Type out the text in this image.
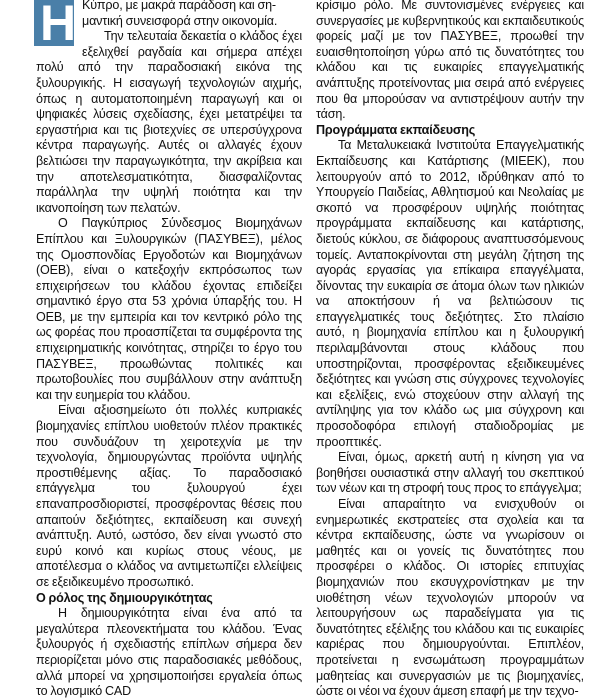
Η Κύπρο, με μακρά παράδοση και ση-
μαντική συνεισφορά στην οικονομία.

Την τελευταία δεκαετία ο κλάδος έχει εξελιχθεί ραγδαία και σήμερα απέχει πολύ από την παραδοσιακή εικόνα της ξυλουργικής. Η εισαγωγή τεχνολογιών αιχμής, όπως η αυτοματοποιημένη παραγωγή και οι ψηφιακές λύσεις σχεδίασης, έχει μετατρέψει τα εργαστήρια και τις βιοτεχνίες σε υπερσύγχρονα κέντρα παραγωγής. Αυτές οι αλλαγές έχουν βελτιώσει την παραγωγικότητα, την ακρίβεια και την αποτελεσματικότητα, διασφαλίζοντας παράλληλα την υψηλή ποιότητα και την ικανοποίηση των πελατών.

Ο Παγκύπριος Σύνδεσμος Βιομηχάνων Επίπλου και Ξυλουργικών (ΠΑΣΥΒΕΞ), μέλος της Ομοσπονδίας Εργοδοτών και Βιομηχάνων (ΟΕΒ), είναι ο κατεξοχήν εκπρόσωπος των επιχειρήσεων του κλάδου έχοντας επιδείξει σημαντικό έργο στα 53 χρόνια ύπαρξής του. Η ΟΕΒ, με την εμπειρία και τον κεντρικό ρόλο της ως φορέας που προασπίζεται τα συμφέροντα της επιχειρηματικής κοινότητας, στηρίζει το έργο του ΠΑΣΥΒΕΞ, προωθώντας πολιτικές και πρωτοβουλίες που συμβάλλουν στην ανάπτυξη και την ευημερία του κλάδου.

Είναι αξιοσημείωτο ότι πολλές κυπριακές βιομηχανίες επίπλου υιοθετούν πλέον πρακτικές που συνδυάζουν τη χειροτεχνία με την τεχνολογία, δημιουργώντας προϊόντα υψηλής προστιθέμενης αξίας. Το παραδοσιακό επάγγελμα του ξυλουργού έχει επαναπροσδιοριστεί, προσφέροντας θέσεις που απαιτούν δεξιότητες, εκπαίδευση και συνεχή ανάπτυξη. Αυτό, ωστόσο, δεν είναι γνωστό στο ευρύ κοινό και κυρίως στους νέους, με αποτέλεσμα ο κλάδος να αντιμετωπίζει ελλείψεις σε εξειδικευμένο προσωπικό.

Ο ρόλος της δημιουργικότητας

Η δημιουργικότητα είναι ένα από τα μεγαλύτερα πλεονεκτήματα του κλάδου. Ένας ξυλουργός ή σχεδιαστής επίπλων σήμερα δεν περιορίζεται μόνο στις παραδοσιακές μεθόδους, αλλά μπορεί να χρησιμοποιήσει εργαλεία όπως το λογισμικό CAD

κρίσιμο ρόλο. Με συντονισμένες ενέργειες και συνεργασίες με κυβερνητικούς και εκπαιδευτικούς φορείς μαζί με τον ΠΑΣΥΒΕΞ, προωθεί την ευαισθητοποίηση γύρω από τις δυνατότητες του κλάδου και τις ευκαιρίες επαγγελματικής ανάπτυξης προτείνοντας μια σειρά από ενέργειες που θα μπορούσαν να αντιστρέψουν αυτήν την τάση.

Προγράμματα εκπαίδευσης

Τα Μεταλυκειακά Ινστιτούτα Επαγγελματικής Εκπαίδευσης και Κατάρτισης (ΜΙΕΕΚ), που λειτουργούν από το 2012, ιδρύθηκαν από το Υπουργείο Παιδείας, Αθλητισμού και Νεολαίας με σκοπό να προσφέρουν υψηλής ποιότητας προγράμματα εκπαίδευσης και κατάρτισης, διετούς κύκλου, σε διάφορους αναπτυσσόμενους τομείς. Ανταποκρίνονται στη μεγάλη ζήτηση της αγοράς εργασίας για επίκαιρα επαγγέλματα, δίνοντας την ευκαιρία σε άτομα όλων των ηλικιών να αποκτήσουν ή να βελτιώσουν τις επαγγελματικές τους δεξιότητες. Στο πλαίσιο αυτό, η βιομηχανία επίπλου και η ξυλουργική περιλαμβάνονται στους κλάδους που υποστηρίζονται, προσφέροντας εξειδικευμένες δεξιότητες και γνώση στις σύγχρονες τεχνολογίες και εξελίξεις, ενώ στοχεύουν στην αλλαγή της αντίληψης για τον κλάδο ως μια σύγχρονη και προσοδοφόρα επιλογή σταδιοδρομίας με προοπτικές.

Είναι, όμως, αρκετή αυτή η κίνηση για να βοηθήσει ουσιαστικά στην αλλαγή του σκεπτικού των νέων και τη στροφή τους προς το επάγγελμα;

Είναι απαραίτητο να ενισχυθούν οι ενημερωτικές εκστρατείες στα σχολεία και τα κέντρα εκπαίδευσης, ώστε να γνωρίσουν οι μαθητές και οι γονείς τις δυνατότητες που προσφέρει ο κλάδος. Οι ιστορίες επιτυχίας βιομηχανιών που εκσυγχρονίστηκαν με την υιοθέτηση νέων τεχνολογιών μπορούν να λειτουργήσουν ως παραδείγματα για τις δυνατότητες εξέλιξης του κλάδου και τις ευκαιρίες καριέρας που δημιουργούνται. Επιπλέον, προτείνεται η ενσωμάτωση προγραμμάτων μαθητείας και συνεργασιών με τις βιομηχανίες, ώστε οι νέοι να έχουν άμεση επαφή με την τεχνο-
